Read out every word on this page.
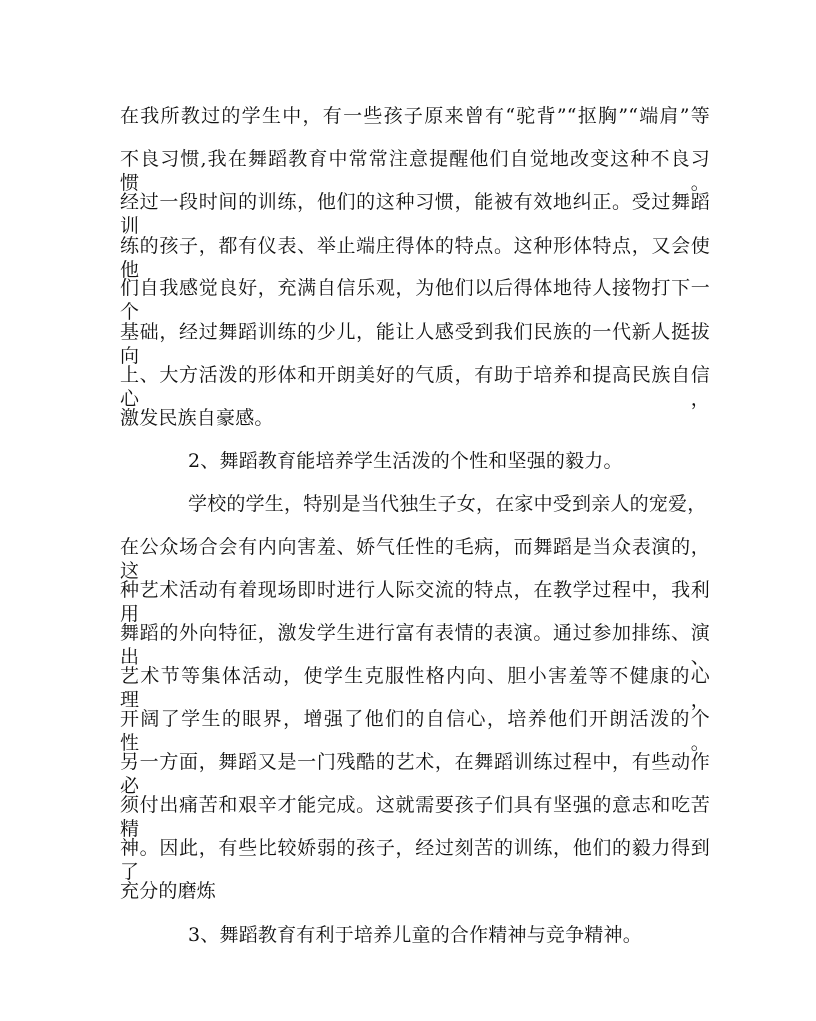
在我所教过的学生中，有一些孩子原来曾有“驼背”“抠胸”“端肩”等
不良习惯,我在舞蹈教育中常常注意提醒他们自觉地改变这种不良习惯。
经过一段时间的训练，他们的这种习惯，能被有效地纠正。受过舞蹈训
练的孩子，都有仪表、举止端庄得体的特点。这种形体特点，又会使他
们自我感觉良好，充满自信乐观，为他们以后得体地待人接物打下一个
基础，经过舞蹈训练的少儿，能让人感受到我们民族的一代新人挺拔向
上、大方活泼的形体和开朗美好的气质，有助于培养和提高民族自信心，
激发民族自豪感。
2、舞蹈教育能培养学生活泼的个性和坚强的毅力。
学校的学生，特别是当代独生子女，在家中受到亲人的宠爱，
在公众场合会有内向害羞、娇气任性的毛病，而舞蹈是当众表演的，这
种艺术活动有着现场即时进行人际交流的特点，在教学过程中，我利用
舞蹈的外向特征，激发学生进行富有表情的表演。通过参加排练、演出、
艺术节等集体活动，使学生克服性格内向、胆小害羞等不健康的心理，
开阔了学生的眼界，增强了他们的自信心，培养他们开朗活泼的个性。
另一方面，舞蹈又是一门残酷的艺术，在舞蹈训练过程中，有些动作必
须付出痛苦和艰辛才能完成。这就需要孩子们具有坚强的意志和吃苦精
神。因此，有些比较娇弱的孩子，经过刻苦的训练，他们的毅力得到了
充分的磨炼
3、舞蹈教育有利于培养儿童的合作精神与竞争精神。
